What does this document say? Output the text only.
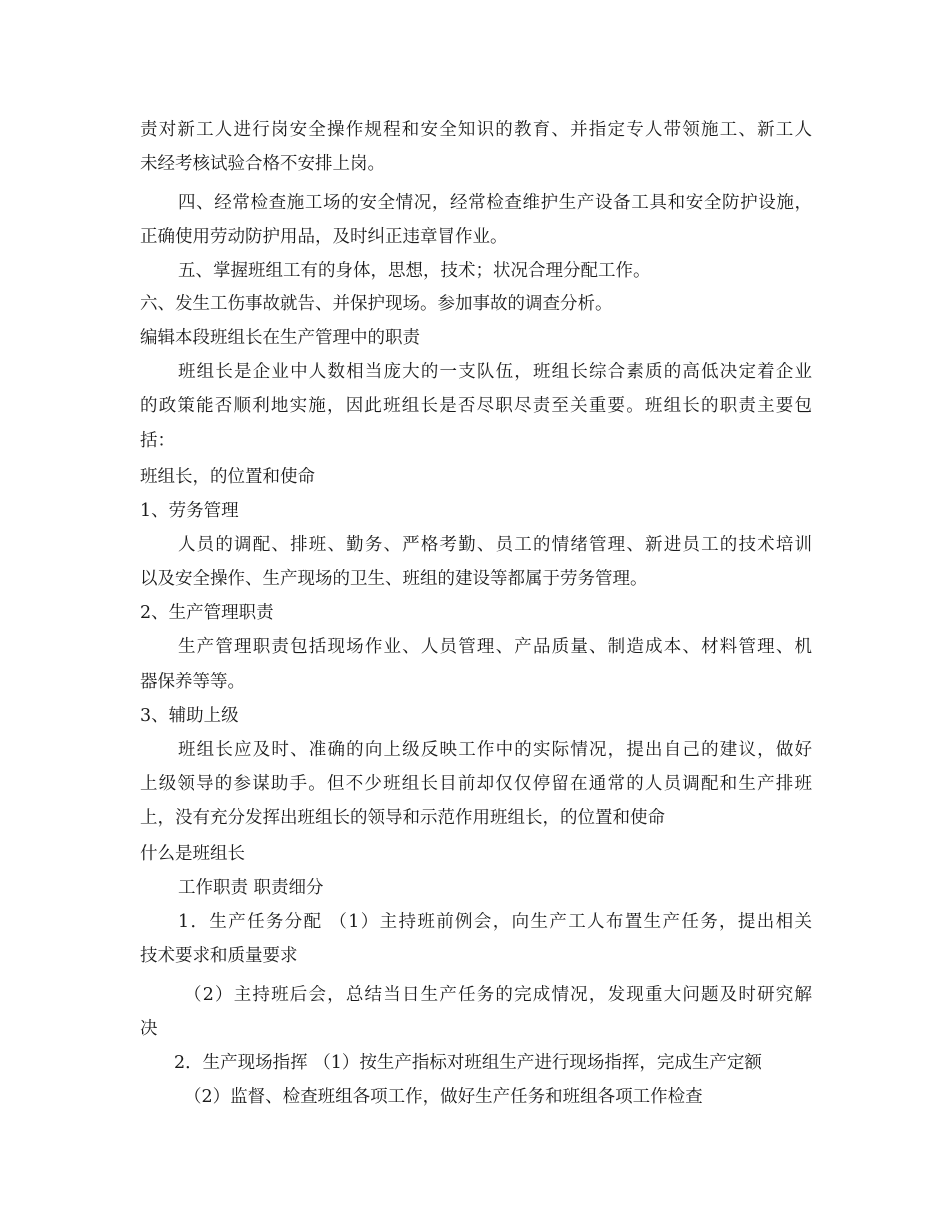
责对新工人进行岗安全操作规程和安全知识的教育、并指定专人带领施工、新工人
未经考核试验合格不安排上岗。
四、经常检查施工场的安全情况，经常检查维护生产设备工具和安全防护设施，
正确使用劳动防护用品，及时纠正违章冒作业。
五、掌握班组工有的身体，思想，技术；状况合理分配工作。
六、发生工伤事故就告、并保护现场。参加事故的调查分析。
编辑本段班组长在生产管理中的职责
班组长是企业中人数相当庞大的一支队伍，班组长综合素质的高低决定着企业
的政策能否顺利地实施，因此班组长是否尽职尽责至关重要。班组长的职责主要包
括：
班组长，的位置和使命
1、劳务管理
人员的调配、排班、勤务、严格考勤、员工的情绪管理、新进员工的技术培训
以及安全操作、生产现场的卫生、班组的建设等都属于劳务管理。
2、生产管理职责
生产管理职责包括现场作业、人员管理、产品质量、制造成本、材料管理、机
器保养等等。
3、辅助上级
班组长应及时、准确的向上级反映工作中的实际情况，提出自己的建议，做好
上级领导的参谋助手。但不少班组长目前却仅仅停留在通常的人员调配和生产排班
上，没有充分发挥出班组长的领导和示范作用班组长，的位置和使命
什么是班组长
工作职责 职责细分
1．生产任务分配 （1）主持班前例会，向生产工人布置生产任务，提出相关
技术要求和质量要求
（2）主持班后会，总结当日生产任务的完成情况，发现重大问题及时研究解
决
2．生产现场指挥 （1）按生产指标对班组生产进行现场指挥，完成生产定额
（2）监督、检查班组各项工作，做好生产任务和班组各项工作检查
